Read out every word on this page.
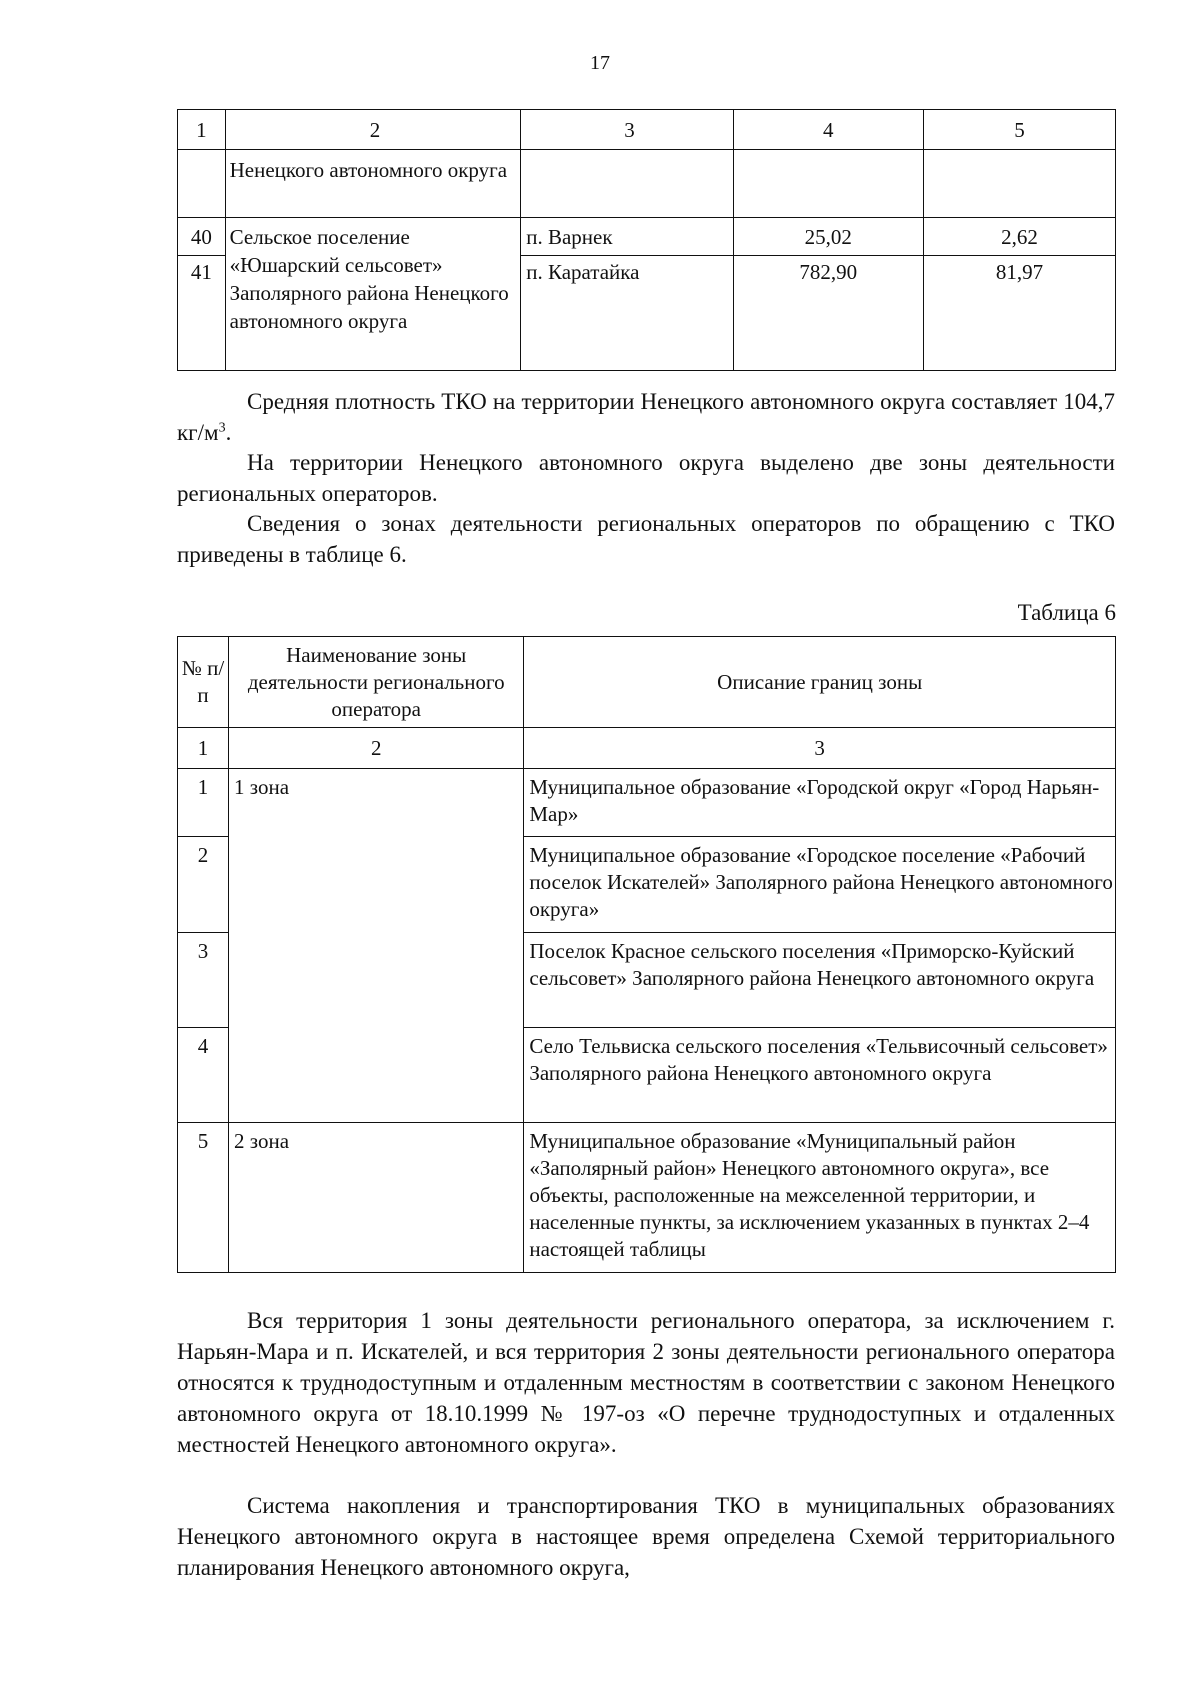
17
1	2	3	4	5
	Ненецкого автономного округа			
40	Сельское поселение «Юшарский сельсовет» Заполярного района Ненецкого автономного округа	п. Варнек	25,02	2,62
41		п. Каратайка	782,90	81,97

Средняя плотность ТКО на территории Ненецкого автономного округа составляет 104,7 $кг/м^3$.

На территории Ненецкого автономного округа выделено две зоны деятельности региональных операторов.

Сведения о зонах деятельности региональных операторов по обращению с ТКО приведены в таблице 6.

Таблица 6
№ п/п	Наименование зоны деятельности регионального оператора	Описание границ зоны
1	2	3
1	1 зона	Муниципальное образование «Городской округ «Город Нарьян-Мар»
2		Муниципальное образование «Городское поселение «Рабочий поселок Искателей» Заполярного района Ненецкого автономного округа»
3		Поселок Красное сельского поселения «Приморско-Куйский сельсовет» Заполярного района Ненецкого автономного округа
4		Село Тельвиска сельского поселения «Тельвисочный сельсовет» Заполярного района Ненецкого автономного округа
5	2 зона	Муниципальное образование «Муниципальный район «Заполярный район» Ненецкого автономного округа», все объекты, расположенные на межселенной территории, и населенные пункты, за исключением указанных в пунктах 2–4 настоящей таблицы

Вся территория 1 зоны деятельности регионального оператора, за исключением г. Нарьян-Мара и п. Искателей, и вся территория 2 зоны деятельности регионального оператора относятся к труднодоступным и отдаленным местностям в соответствии с законом Ненецкого автономного округа от 18.10.1999 № 197-оз «О перечне труднодоступных и отдаленных местностей Ненецкого автономного округа».

Система накопления и транспортирования ТКО в муниципальных образованиях Ненецкого автономного округа в настоящее время определена Схемой территориального планирования Ненецкого автономного округа,
